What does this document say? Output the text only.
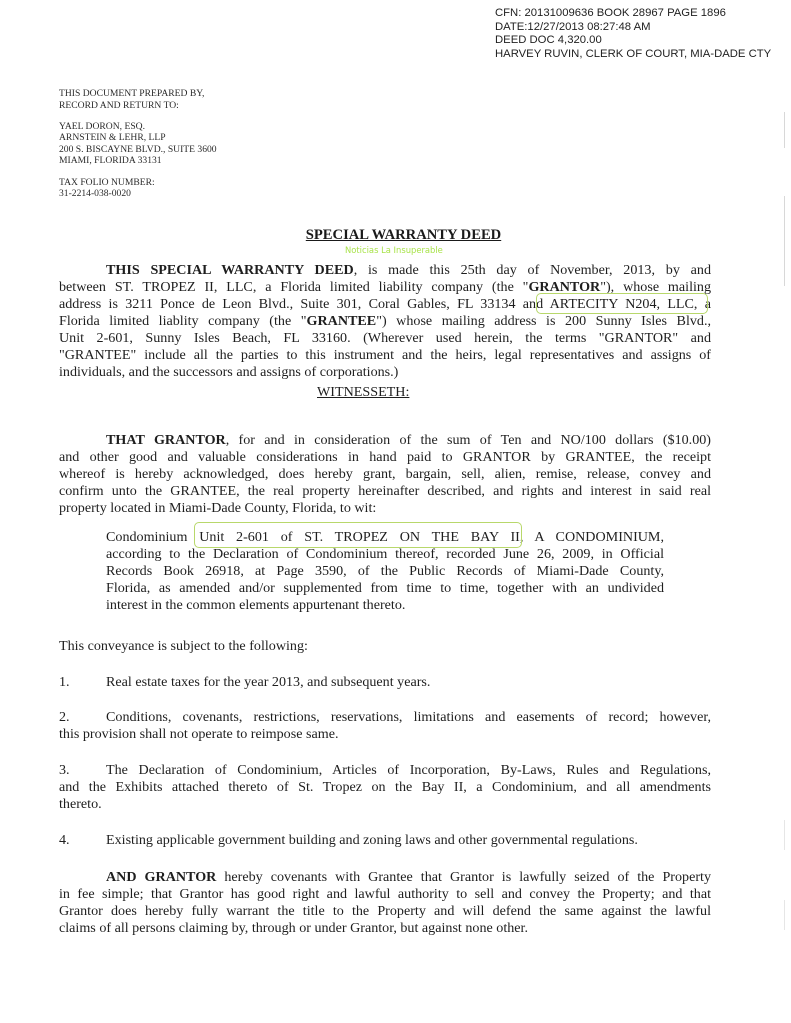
CFN: 20131009636 BOOK 28967 PAGE 1896
DATE:12/27/2013 08:27:48 AM
DEED DOC 4,320.00
HARVEY RUVIN, CLERK OF COURT, MIA-DADE CTY
THIS DOCUMENT PREPARED BY,
RECORD AND RETURN TO:
YAEL DORON, ESQ.
ARNSTEIN & LEHR, LLP
200 S. BISCAYNE BLVD., SUITE 3600
MIAMI, FLORIDA 33131
TAX FOLIO NUMBER:
31-2214-038-0020
SPECIAL WARRANTY DEED
Noticias La Insuperable
THIS SPECIAL WARRANTY DEED, is made this 25th day of November, 2013, by and
between ST. TROPEZ II, LLC, a Florida limited liability company (the "GRANTOR"), whose mailing
address is 3211 Ponce de Leon Blvd., Suite 301, Coral Gables, FL 33134 and ARTECITY N204, LLC, a
Florida limited liablity company (the "GRANTEE") whose mailing address is 200 Sunny Isles Blvd.,
Unit 2-601, Sunny Isles Beach, FL 33160. (Wherever used herein, the terms "GRANTOR" and
"GRANTEE" include all the parties to this instrument and the heirs, legal representatives and assigns of
individuals, and the successors and assigns of corporations.)
WITNESSETH:
THAT GRANTOR, for and in consideration of the sum of Ten and NO/100 dollars ($10.00)
and other good and valuable considerations in hand paid to GRANTOR by GRANTEE, the receipt
whereof is hereby acknowledged, does hereby grant, bargain, sell, alien, remise, release, convey and
confirm unto the GRANTEE, the real property hereinafter described, and rights and interest in said real
property located in Miami-Dade County, Florida, to wit:
Condominium Unit 2-601 of ST. TROPEZ ON THE BAY II, A CONDOMINIUM,
according to the Declaration of Condominium thereof, recorded June 26, 2009, in Official
Records Book 26918, at Page 3590, of the Public Records of Miami-Dade County,
Florida, as amended and/or supplemented from time to time, together with an undivided
interest in the common elements appurtenant thereto.
This conveyance is subject to the following:
1.	Real estate taxes for the year 2013, and subsequent years.
2.	Conditions, covenants, restrictions, reservations, limitations and easements of record; however,
this provision shall not operate to reimpose same.
3.	The Declaration of Condominium, Articles of Incorporation, By-Laws, Rules and Regulations,
and the Exhibits attached thereto of St. Tropez on the Bay II, a Condominium, and all amendments
thereto.
4.	Existing applicable government building and zoning laws and other governmental regulations.
AND GRANTOR hereby covenants with Grantee that Grantor is lawfully seized of the Property
in fee simple; that Grantor has good right and lawful authority to sell and convey the Property; and that
Grantor does hereby fully warrant the title to the Property and will defend the same against the lawful
claims of all persons claiming by, through or under Grantor, but against none other.
